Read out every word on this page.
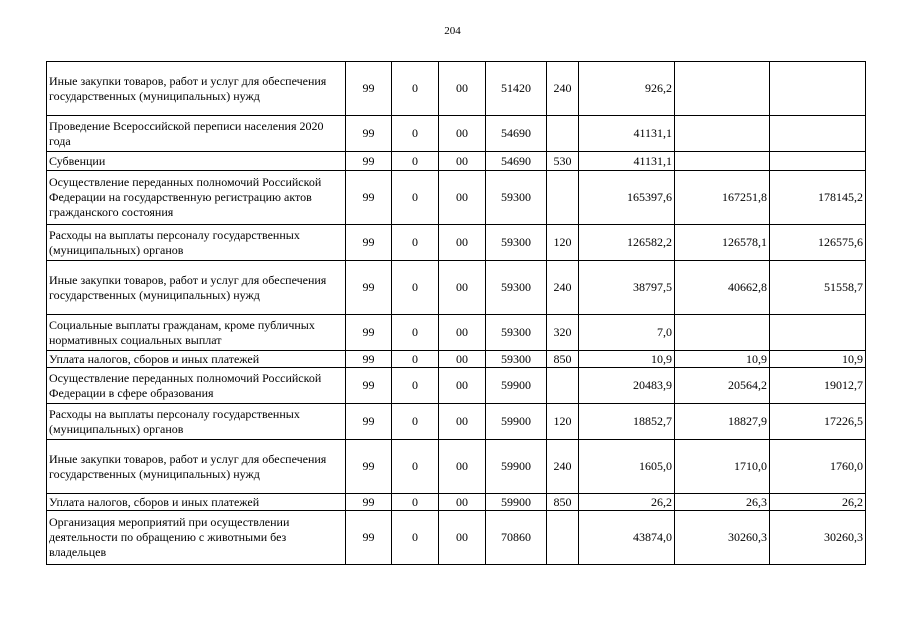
204
Иные закупки товаров, работ и услуг для обеспечения государственных (муниципальных) нужд	99	0	00	51420	240	926,2		
Проведение Всероссийской переписи населения 2020 года	99	0	00	54690		41131,1		
Субвенции	99	0	00	54690	530	41131,1		
Осуществление переданных полномочий Российской Федерации на государственную регистрацию актов гражданского состояния	99	0	00	59300		165397,6	167251,8	178145,2
Расходы на выплаты персоналу государственных (муниципальных) органов	99	0	00	59300	120	126582,2	126578,1	126575,6
Иные закупки товаров, работ и услуг для обеспечения государственных (муниципальных) нужд	99	0	00	59300	240	38797,5	40662,8	51558,7
Социальные выплаты гражданам, кроме публичных нормативных социальных выплат	99	0	00	59300	320	7,0		
Уплата налогов, сборов и иных платежей	99	0	00	59300	850	10,9	10,9	10,9
Осуществление переданных полномочий Российской Федерации в сфере образования	99	0	00	59900		20483,9	20564,2	19012,7
Расходы на выплаты персоналу государственных (муниципальных) органов	99	0	00	59900	120	18852,7	18827,9	17226,5
Иные закупки товаров, работ и услуг для обеспечения государственных (муниципальных) нужд	99	0	00	59900	240	1605,0	1710,0	1760,0
Уплата налогов, сборов и иных платежей	99	0	00	59900	850	26,2	26,3	26,2
Организация мероприятий при осуществлении деятельности по обращению с животными без владельцев	99	0	00	70860		43874,0	30260,3	30260,3
